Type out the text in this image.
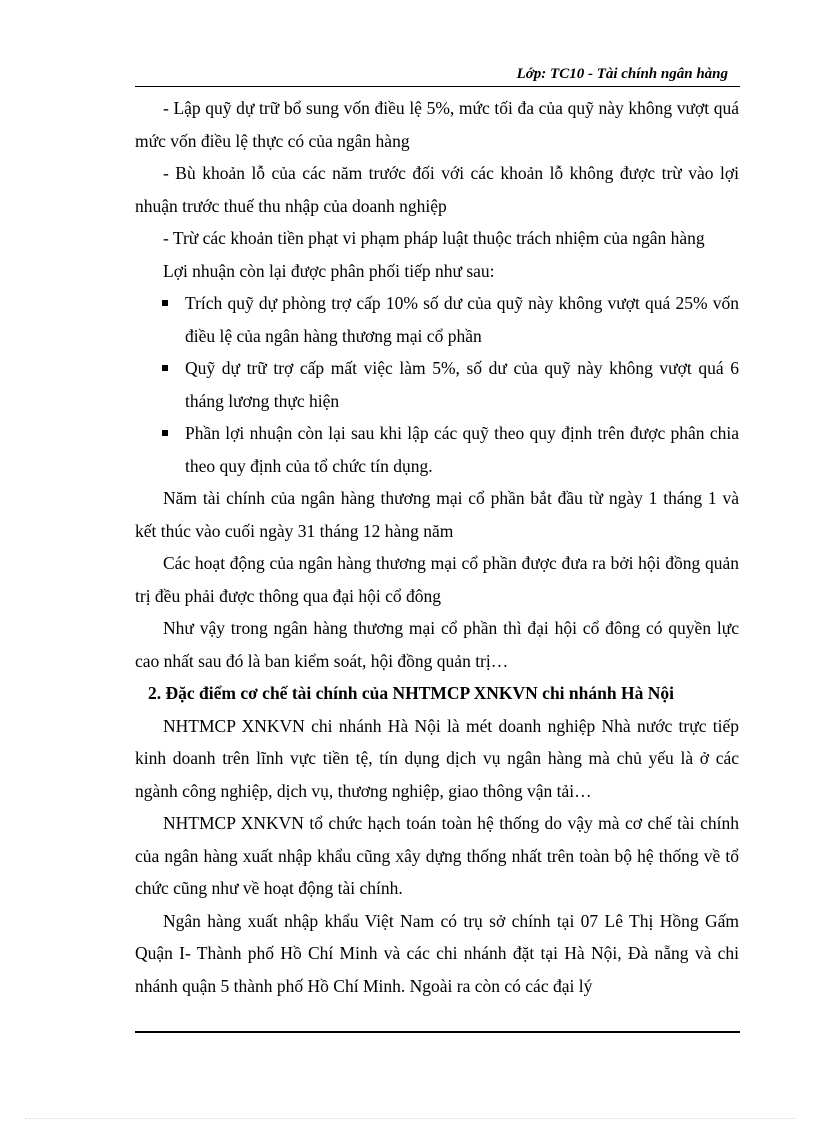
Lớp: TC10 - Tài chính ngân hàng

- Lập quỹ dự trữ bổ sung vốn điều lệ 5%, mức tối đa của quỹ này không vượt quá mức vốn điều lệ thực có của ngân hàng

- Bù khoản lỗ của các năm trước đối với các khoản lỗ không được trừ vào lợi nhuận trước thuế thu nhập của doanh nghiệp

- Trừ các khoản tiền phạt vi phạm pháp luật thuộc trách nhiệm của ngân hàng

Lợi nhuận còn lại được phân phối tiếp như sau:

Trích quỹ dự phòng trợ cấp 10% số dư của quỹ này không vượt quá 25% vốn điều lệ của ngân hàng thương mại cổ phần
Quỹ dự trữ trợ cấp mất việc làm 5%, số dư của quỹ này không vượt quá 6 tháng lương thực hiện
Phần lợi nhuận còn lại sau khi lập các quỹ theo quy định trên được phân chia theo quy định của tổ chức tín dụng.

Năm tài chính của ngân hàng thương mại cổ phần bắt đầu từ ngày 1 tháng 1 và kết thúc vào cuối ngày 31 tháng 12 hàng năm

Các hoạt động của ngân hàng thương mại cổ phần được đưa ra bởi hội đồng quản trị đều phải được thông qua đại hội cổ đông

Như vậy trong ngân hàng thương mại cổ phần thì đại hội cổ đông có quyền lực cao nhất sau đó là ban kiểm soát, hội đồng quản trị…

2. Đặc điểm cơ chế tài chính của NHTMCP XNKVN chi nhánh Hà Nội

NHTMCP XNKVN chi nhánh Hà Nội là mét doanh nghiệp Nhà nước trực tiếp kinh doanh trên lĩnh vực tiền tệ, tín dụng dịch vụ ngân hàng mà chủ yếu là ở các ngành công nghiệp, dịch vụ, thương nghiệp, giao thông vận tải…

NHTMCP XNKVN tổ chức hạch toán toàn hệ thống do vậy mà cơ chế tài chính của ngân hàng xuất nhập khẩu cũng xây dựng thống nhất trên toàn bộ hệ thống về tổ chức cũng như về hoạt động tài chính.

Ngân hàng xuất nhập khẩu Việt Nam có trụ sở chính tại 07 Lê Thị Hồng Gấm Quận I- Thành phố Hồ Chí Minh và các chi nhánh đặt tại Hà Nội, Đà nẵng và chi nhánh quận 5 thành phố Hồ Chí Minh. Ngoài ra còn có các đại lý
